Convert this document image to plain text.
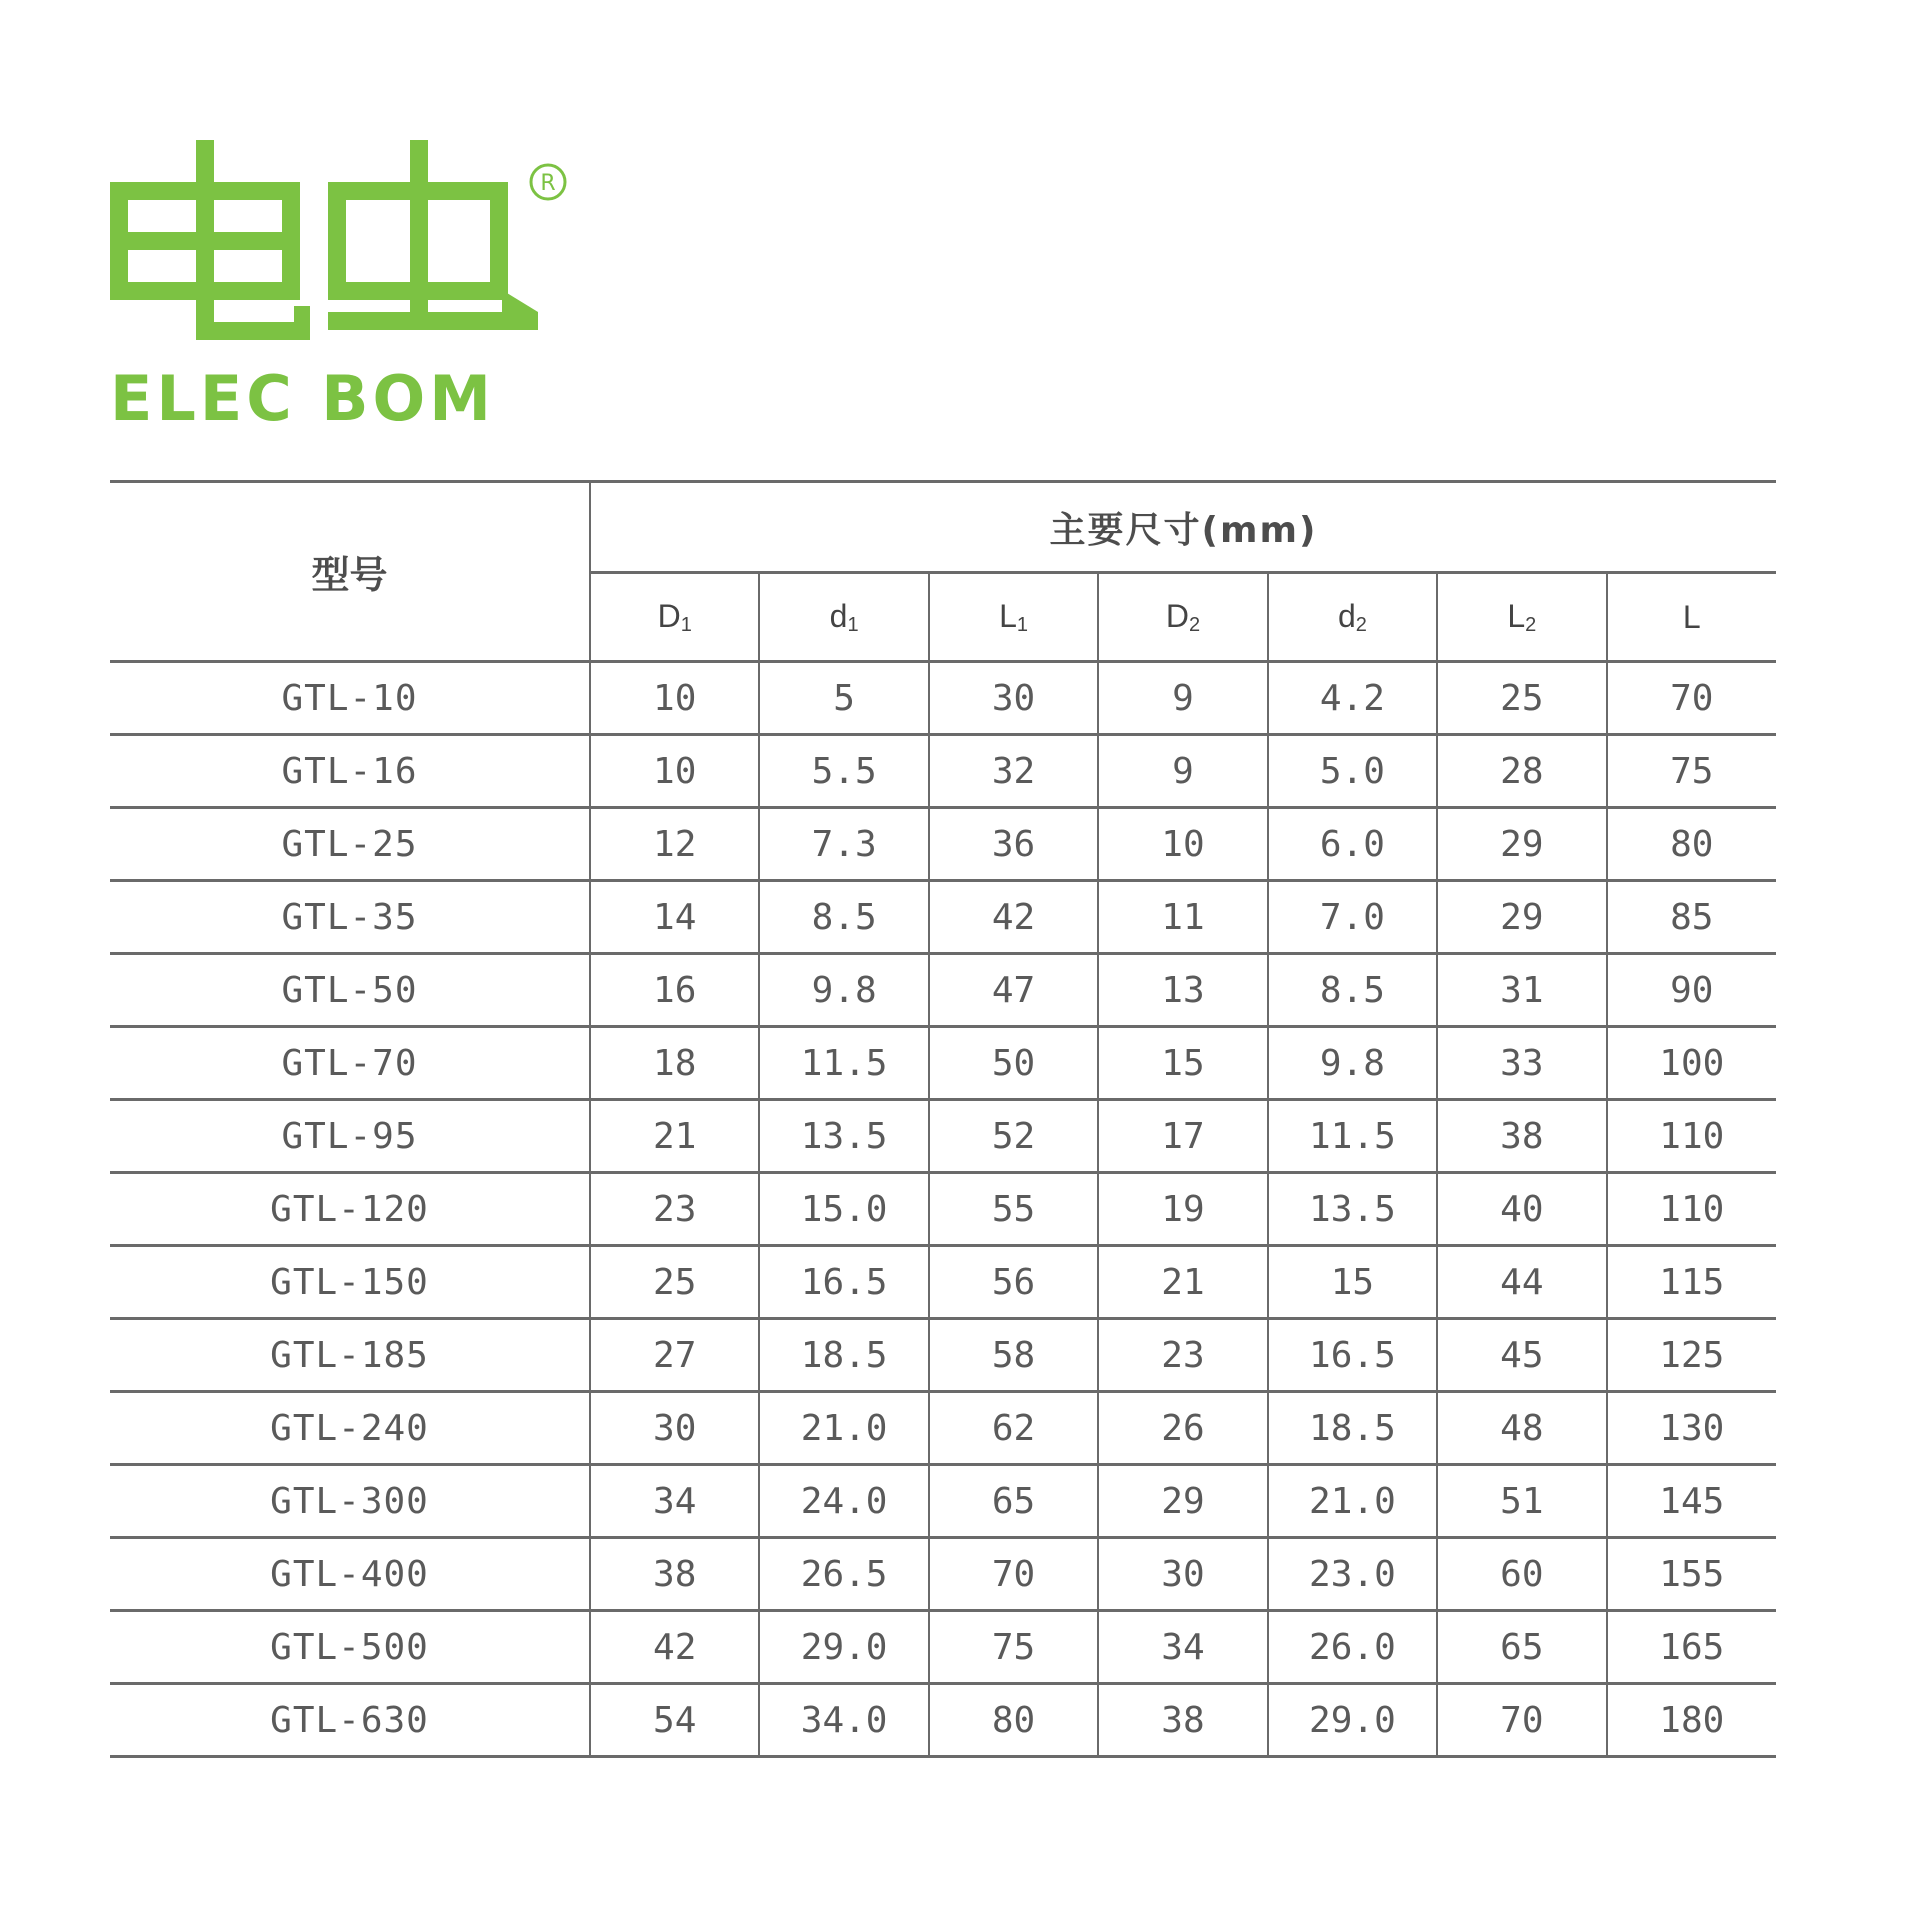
R
ELEC BOM
型号	主要尺寸(mm)						
	$D_1$	$d_1$	$L_1$	$D_2$	$d_2$	$L_2$	L
GTL-10	10	5	30	9	4.2	25	70
GTL-16	10	5.5	32	9	5.0	28	75
GTL-25	12	7.3	36	10	6.0	29	80
GTL-35	14	8.5	42	11	7.0	29	85
GTL-50	16	9.8	47	13	8.5	31	90
GTL-70	18	11.5	50	15	9.8	33	100
GTL-95	21	13.5	52	17	11.5	38	110
GTL-120	23	15.0	55	19	13.5	40	110
GTL-150	25	16.5	56	21	15	44	115
GTL-185	27	18.5	58	23	16.5	45	125
GTL-240	30	21.0	62	26	18.5	48	130
GTL-300	34	24.0	65	29	21.0	51	145
GTL-400	38	26.5	70	30	23.0	60	155
GTL-500	42	29.0	75	34	26.0	65	165
GTL-630	54	34.0	80	38	29.0	70	180
